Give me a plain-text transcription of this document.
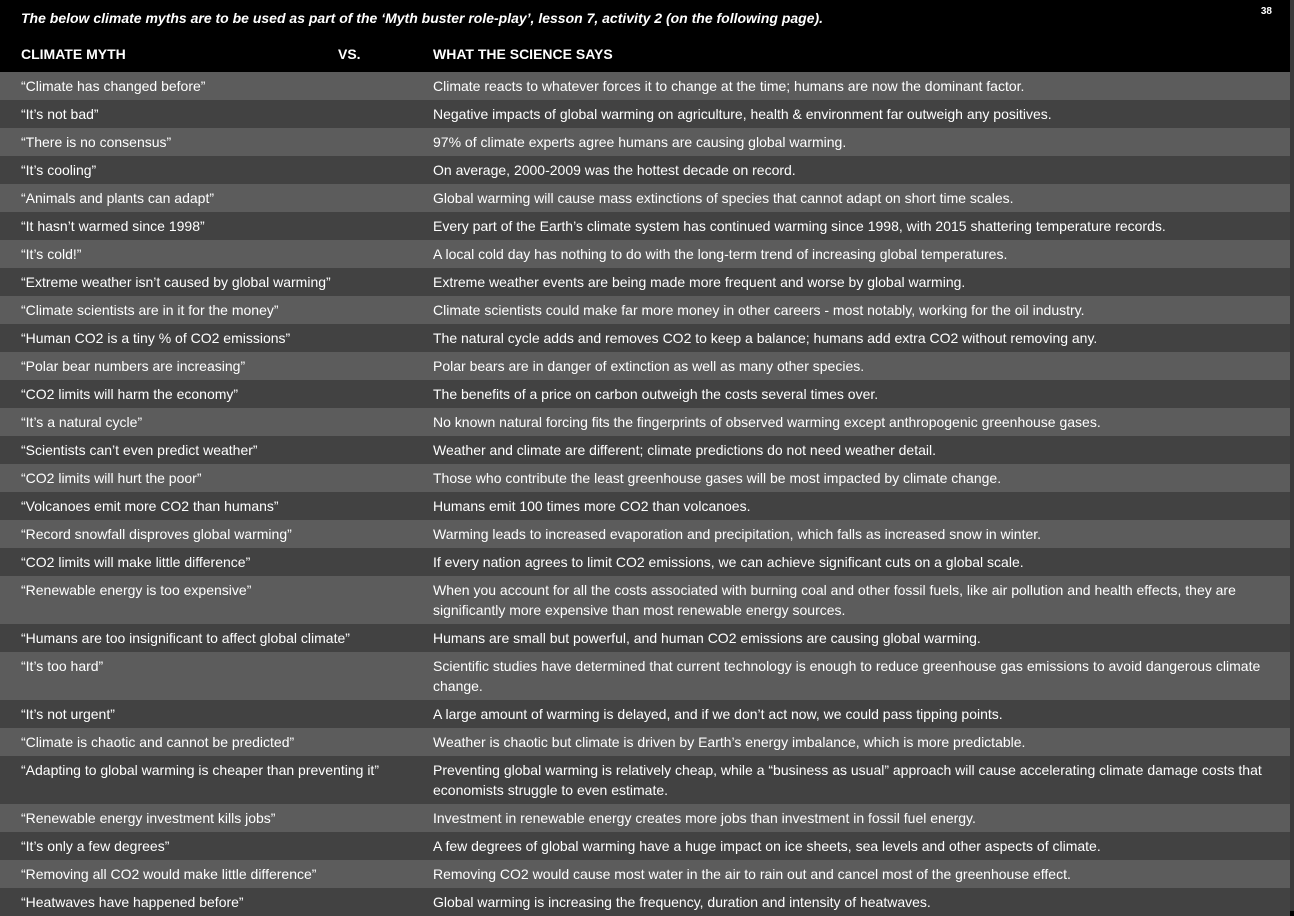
38
The below climate myths are to be used as part of the ‘Myth buster role-play’, lesson 7, activity 2 (on the following page).
CLIMATE MYTH	VS.	WHAT THE SCIENCE SAYS
“Climate has changed before”	Climate reacts to whatever forces it to change at the time; humans are now the dominant factor.
“It’s not bad”	Negative impacts of global warming on agriculture, health & environment far outweigh any positives.
“There is no consensus”	97% of climate experts agree humans are causing global warming.
“It’s cooling”	On average, 2000-2009 was the hottest decade on record.
“Animals and plants can adapt”	Global warming will cause mass extinctions of species that cannot adapt on short time scales.
“It hasn’t warmed since 1998”	Every part of the Earth’s climate system has continued warming since 1998, with 2015 shattering temperature records.
“It’s cold!”	A local cold day has nothing to do with the long-term trend of increasing global temperatures.
“Extreme weather isn’t caused by global warming”	Extreme weather events are being made more frequent and worse by global warming.
“Climate scientists are in it for the money”	Climate scientists could make far more money in other careers - most notably, working for the oil industry.
“Human CO2 is a tiny % of CO2 emissions”	The natural cycle adds and removes CO2 to keep a balance; humans add extra CO2 without removing any.
“Polar bear numbers are increasing”	Polar bears are in danger of extinction as well as many other species.
“CO2 limits will harm the economy”	The benefits of a price on carbon outweigh the costs several times over.
“It’s a natural cycle”	No known natural forcing fits the fingerprints of observed warming except anthropogenic greenhouse gases.
“Scientists can’t even predict weather”	Weather and climate are different; climate predictions do not need weather detail.
“CO2 limits will hurt the poor”	Those who contribute the least greenhouse gases will be most impacted by climate change.
“Volcanoes emit more CO2 than humans”	Humans emit 100 times more CO2 than volcanoes.
“Record snowfall disproves global warming”	Warming leads to increased evaporation and precipitation, which falls as increased snow in winter.
“CO2 limits will make little difference”	If every nation agrees to limit CO2 emissions, we can achieve significant cuts on a global scale.
“Renewable energy is too expensive”	When you account for all the costs associated with burning coal and other fossil fuels, like air pollution and health effects, they are significantly more expensive than most renewable energy sources.
“Humans are too insignificant to affect global climate”	Humans are small but powerful, and human CO2 emissions are causing global warming.
“It’s too hard”	Scientific studies have determined that current technology is enough to reduce greenhouse gas emissions to avoid dangerous climate change.
“It’s not urgent”	A large amount of warming is delayed, and if we don’t act now, we could pass tipping points.
“Climate is chaotic and cannot be predicted”	Weather is chaotic but climate is driven by Earth’s energy imbalance, which is more predictable.
“Adapting to global warming is cheaper than preventing it”	Preventing global warming is relatively cheap, while a “business as usual” approach will cause accelerating climate damage costs that economists struggle to even estimate.
“Renewable energy investment kills jobs”	Investment in renewable energy creates more jobs than investment in fossil fuel energy.
“It’s only a few degrees”	A few degrees of global warming have a huge impact on ice sheets, sea levels and other aspects of climate.
“Removing all CO2 would make little difference”	Removing CO2 would cause most water in the air to rain out and cancel most of the greenhouse effect.
“Heatwaves have happened before”	Global warming is increasing the frequency, duration and intensity of heatwaves.
